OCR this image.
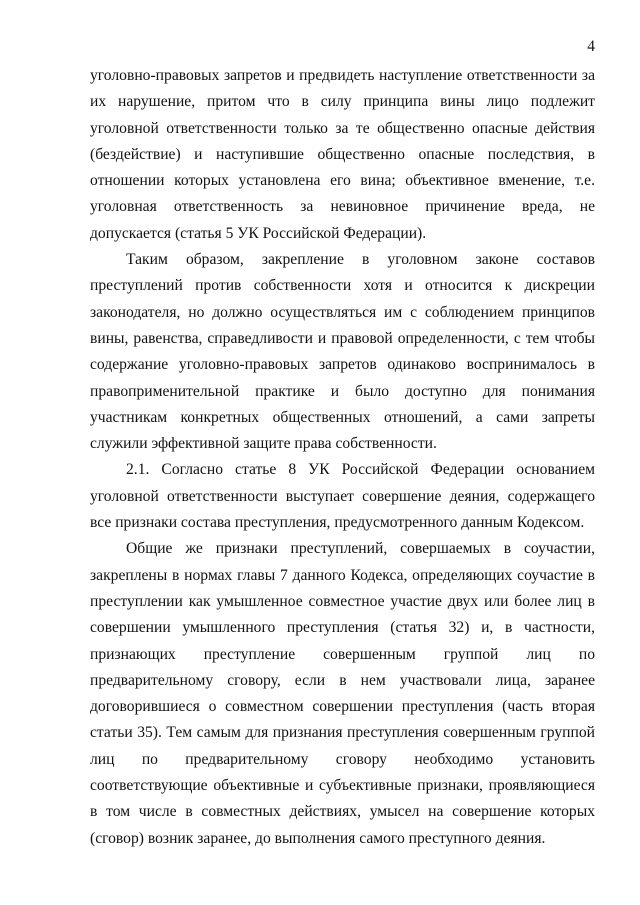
4

уголовно-правовых запретов и предвидеть наступление ответственности за их нарушение, притом что в силу принципа вины лицо подлежит уголовной ответственности только за те общественно опасные действия (бездействие) и наступившие общественно опасные последствия, в отношении которых установлена его вина; объективное вменение, т.е. уголовная ответственность за невиновное причинение вреда, не допускается (статья 5 УК Российской Федерации).

Таким образом, закрепление в уголовном законе составов преступлений против собственности хотя и относится к дискреции законодателя, но должно осуществляться им с соблюдением принципов вины, равенства, справедливости и правовой определенности, с тем чтобы содержание уголовно-правовых запретов одинаково воспринималось в правоприменительной практике и было доступно для понимания участникам конкретных общественных отношений, а сами запреты служили эффективной защите права собственности.

2.1. Согласно статье 8 УК Российской Федерации основанием уголовной ответственности выступает совершение деяния, содержащего все признаки состава преступления, предусмотренного данным Кодексом.

Общие же признаки преступлений, совершаемых в соучастии, закреплены в нормах главы 7 данного Кодекса, определяющих соучастие в преступлении как умышленное совместное участие двух или более лиц в совершении умышленного преступления (статья 32) и, в частности, признающих преступление совершенным группой лиц по предварительному сговору, если в нем участвовали лица, заранее договорившиеся о совместном совершении преступления (часть вторая статьи 35). Тем самым для признания преступления совершенным группой лиц по предварительному сговору необходимо установить соответствующие объективные и субъективные признаки, проявляющиеся в том числе в совместных действиях, умысел на совершение которых (сговор) возник заранее, до выполнения самого преступного деяния.
